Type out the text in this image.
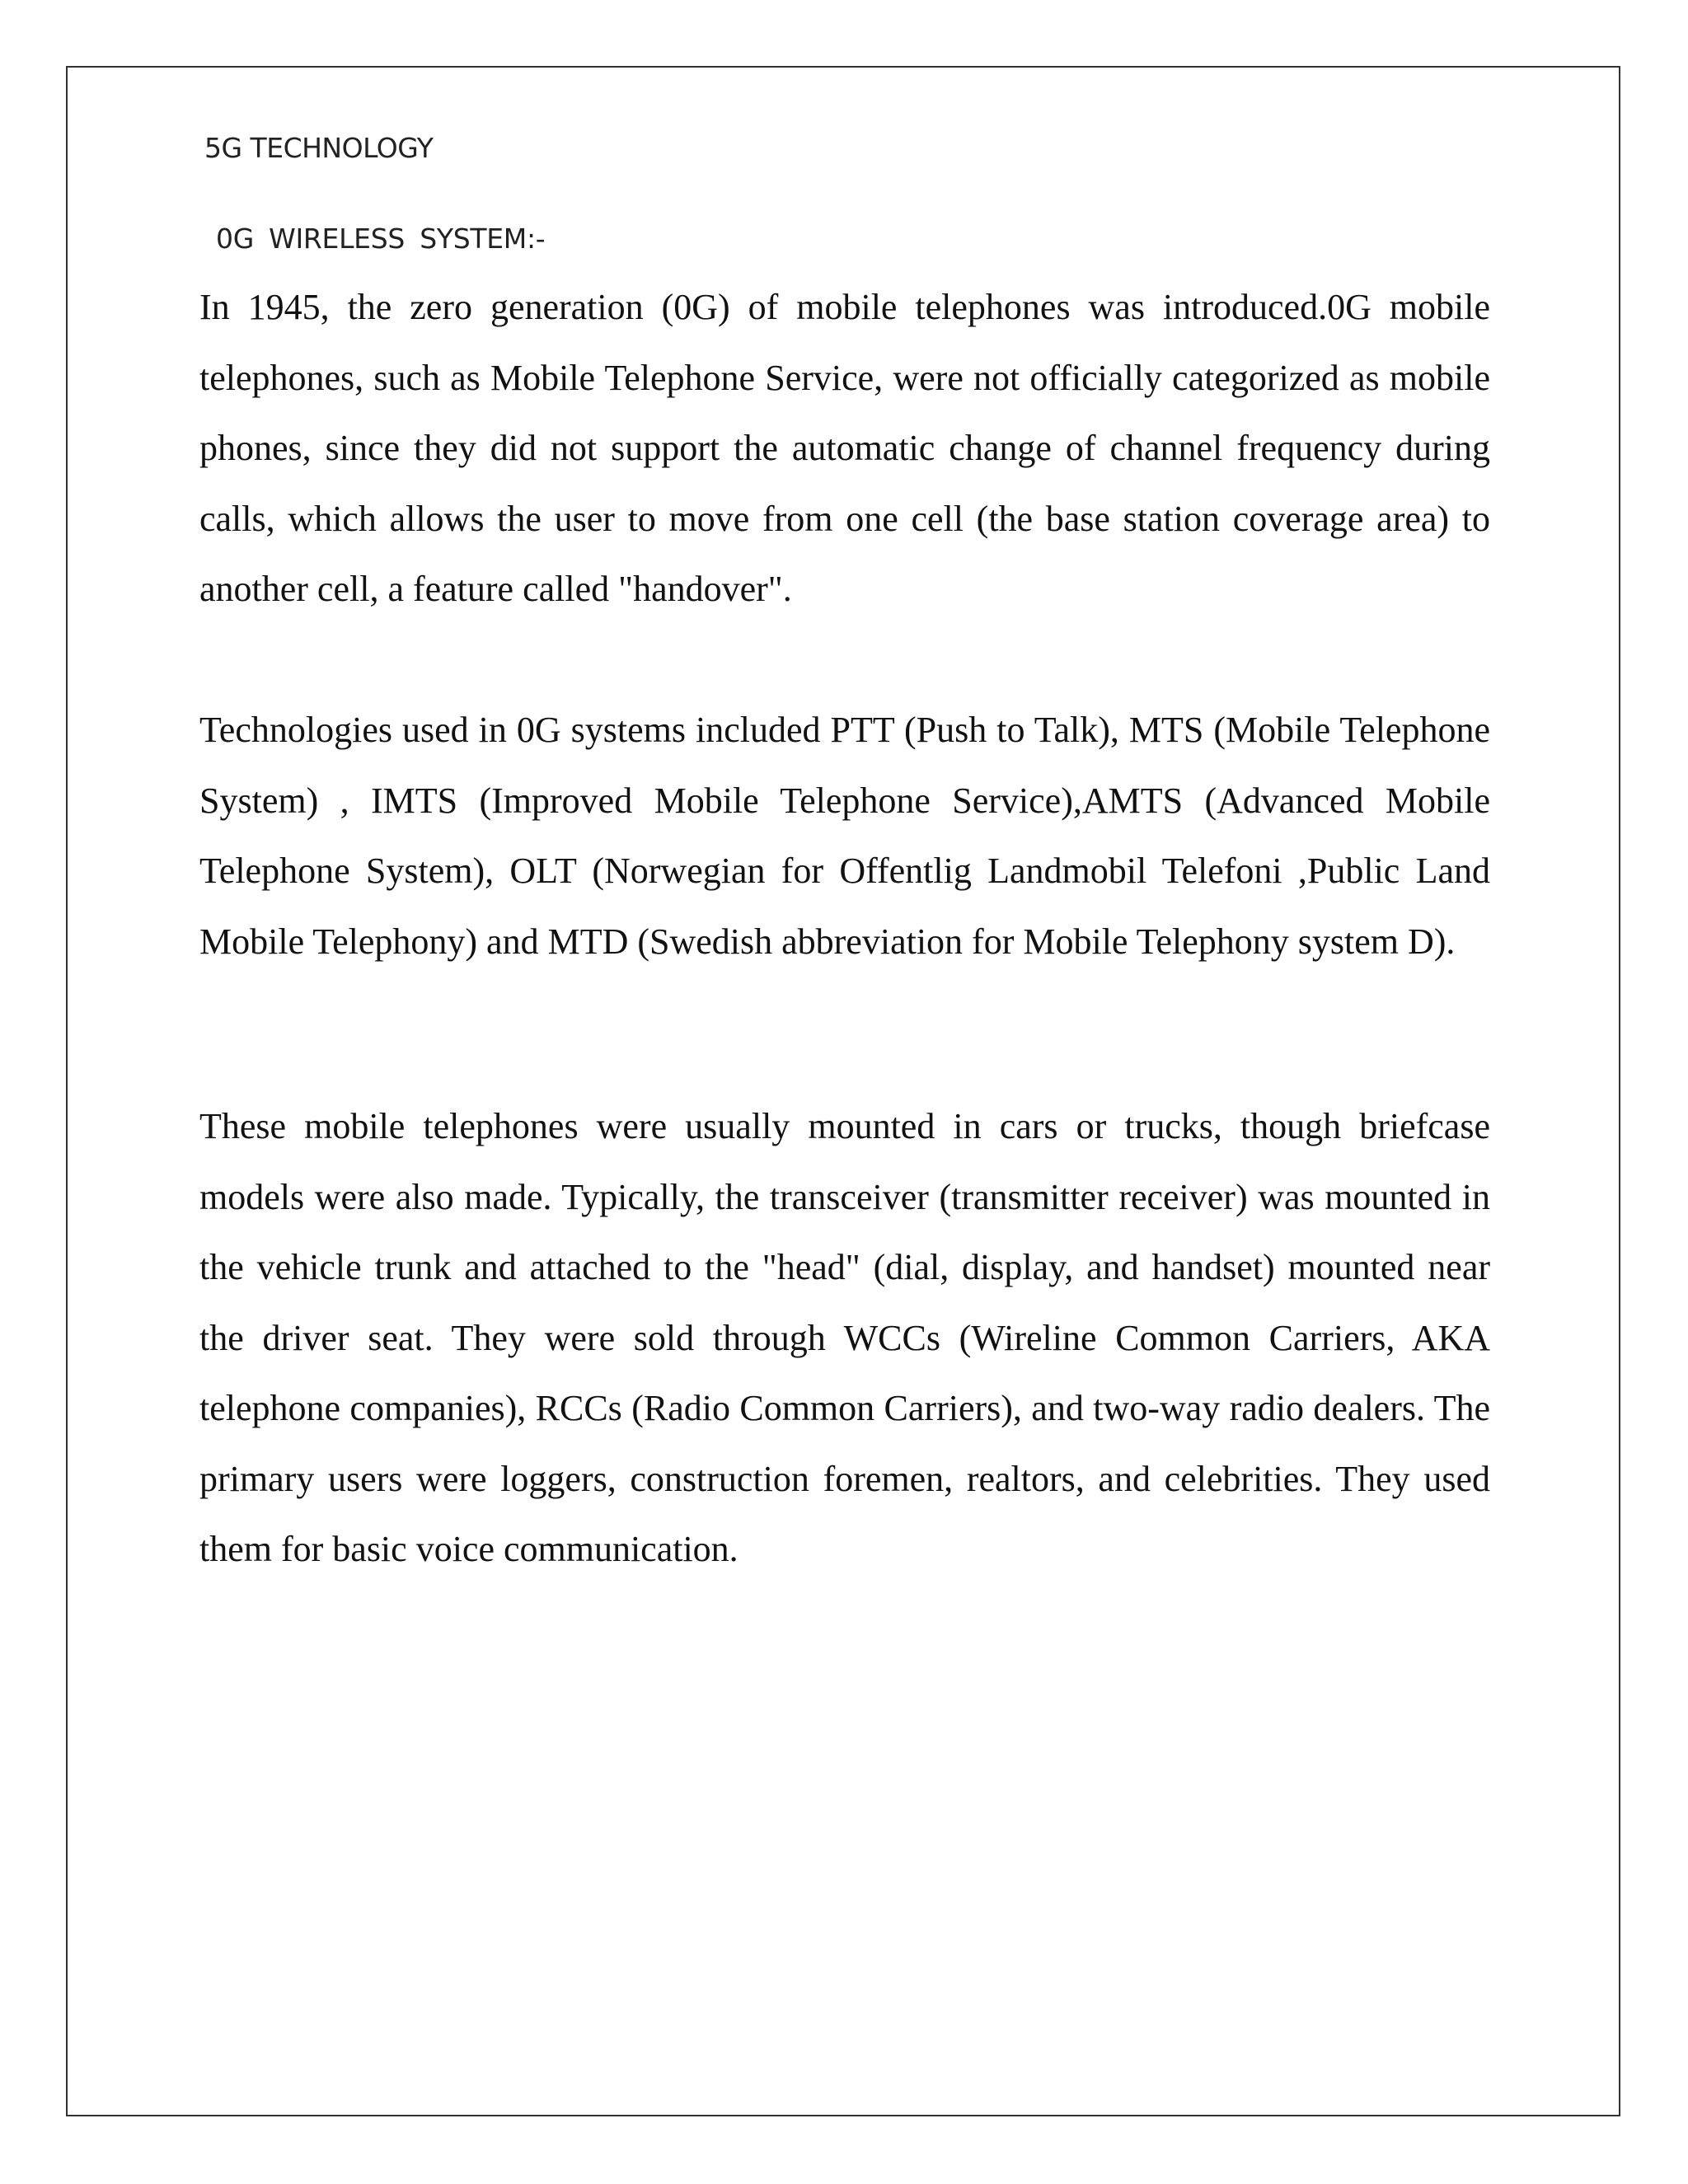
5G TECHNOLOGY
0G WIRELESS SYSTEM:-

In 1945, the zero generation (0G) of mobile telephones was introduced.0G mobile telephones, such as Mobile Telephone Service, were not officially categorized as mobile phones, since they did not support the automatic change of channel frequency during calls, which allows the user to move from one cell (the base station coverage area) to another cell, a feature called "handover".

Technologies used in 0G systems included PTT (Push to Talk), MTS (Mobile Telephone System) , IMTS (Improved Mobile Telephone Service),AMTS (Advanced Mobile Telephone System), OLT (Norwegian for Offentlig Landmobil Telefoni ,Public Land Mobile Telephony) and MTD (Swedish abbreviation for Mobile Telephony system D).

These mobile telephones were usually mounted in cars or trucks, though briefcase models were also made. Typically, the transceiver (transmitter receiver) was mounted in the vehicle trunk and attached to the "head" (dial, display, and handset) mounted near the driver seat. They were sold through WCCs (Wireline Common Carriers, AKA telephone companies), RCCs (Radio Common Carriers), and two-way radio dealers. The primary users were loggers, construction foremen, realtors, and celebrities. They used them for basic voice communication.
